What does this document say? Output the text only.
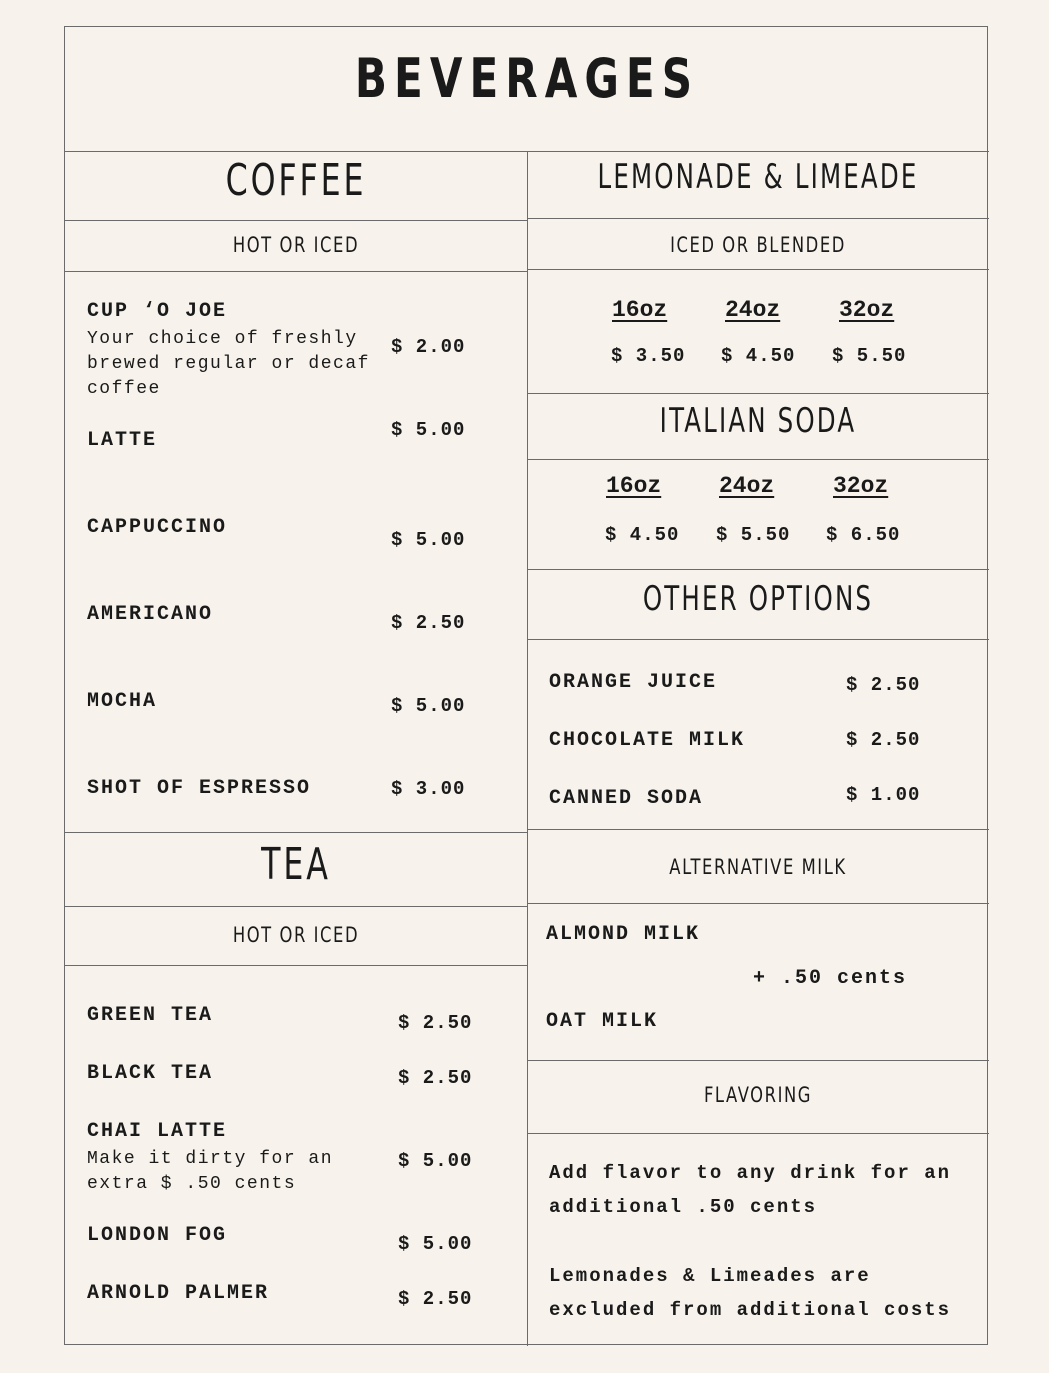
BEVERAGES
COFFEE
HOT OR ICED
CUP ‘O JOE
Your choice of freshly brewed regular or decaf coffee
$ 2.00
LATTE	$ 5.00
CAPPUCCINO
$ 5.00
AMERICANO	$ 2.50
MOCHA	$ 5.00
SHOT OF ESPRESSO	$ 3.00
TEA
HOT OR ICED
GREEN TEA	$ 2.50
BLACK TEA	$ 2.50
CHAI LATTE
Make it dirty for an extra $ .50 cents
$ 5.00
LONDON FOG	$ 5.00
ARNOLD PALMER	$ 2.50
LEMONADE & LIMEADE
ICED OR BLENDED
16oz
$ 3.50
24oz
$ 4.50
32oz
$ 5.50
ITALIAN SODA
16oz
$ 4.50
24oz
$ 5.50
32oz
$ 6.50
OTHER OPTIONS
ORANGE JUICE	$ 2.50
CHOCOLATE MILK	$ 2.50
CANNED SODA	$ 1.00
ALTERNATIVE MILK
ALMOND MILK
+ .50 cents
OAT MILK
FLAVORING
Add flavor to any drink for an additional .50 cents
Lemonades & Limeades are excluded from additional costs
